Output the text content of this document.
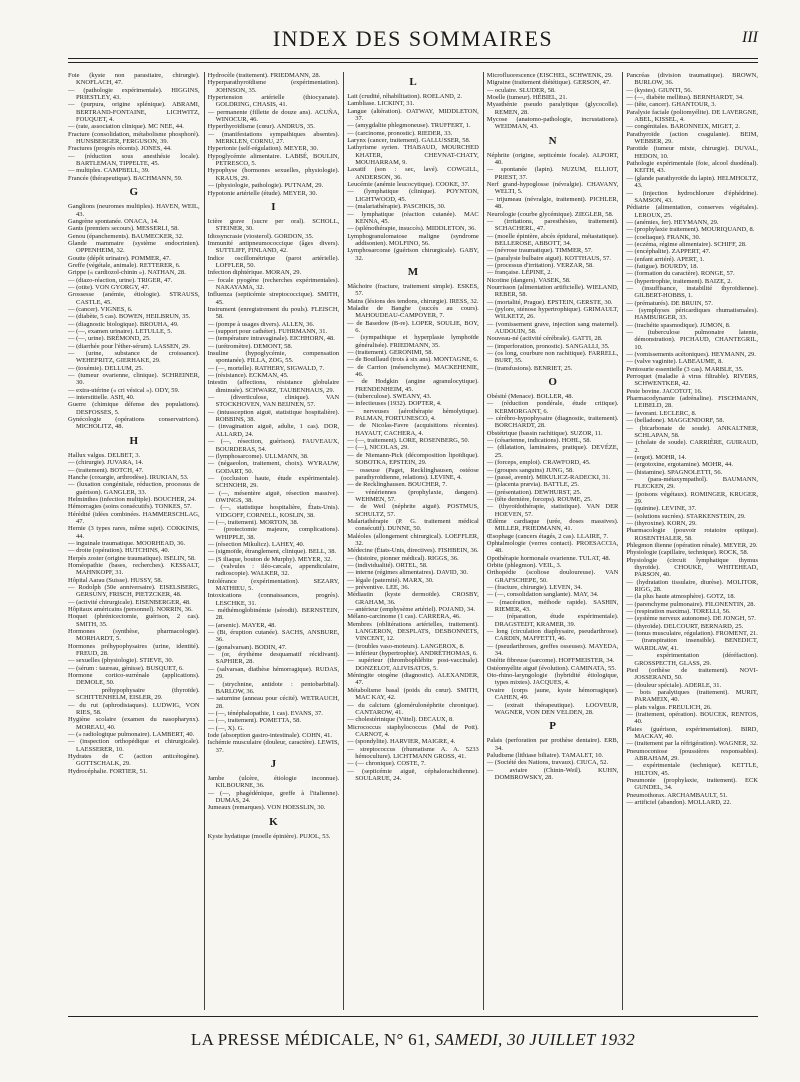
INDEX DES SOMMAIRES	III
Foie (kyste non parasitaire, chirurgie). KNOFLACH, 47.
— (pathologie expérimentale). HIGGINS, PRIESTLEY, 43.
— (purpura, origine splénique). ABRAMI, BERTRAND-FONTAINE, LICHWITZ, FOUQUET, 4.
— (rate, association clinique). MC NEE, 44.
Fracture (consolidation, métabolisme phosphoré). HUNSBERGER, FERGUSON, 39.
Fractures (progrès récents). JONES, 44.
— (réduction sous anesthésie locale). BARTLEMAN, TIPPELTE, 45.
— multiples. CAMPBELL, 39.
Francée (thérapeutique). BACHMANN, 59.
G
Ganglions (neuromes multiples). HAVEN, WEIL, 43.
Gangrène spontanée. ONACA, 14.
Gants (premiers secours). MESSERLI, 58.
Genou (épanchements). BAUMECKER, 32.
Glande mammaire (système endocrinien). OPPENHEIM, 32.
Goutte (dépôt urinaire). POMMER, 47.
Greffe (végétale, animale). RETTERER, 6.
Grippe (« cardiozol-chinin »). NATHAN, 28.
— (diazo-réaction, urine). TRIGER, 47.
— (otite). VON GYORGY, 47.
Grossesse (anémie, étiologie). STRAUSS, CASTLE, 45.
— (cancer). VIGNES, 6.
— (diabète, 5 cas). BOWEN, HEILBRUN, 35.
— (diagnostic biologique). BROUHA, 49.
— (—, examen urinaire). LETULLE, 5.
— (—, urine). BRÉMOND, 25.
— (diarrhée pour l'éther-sérum). LASSEN, 29.
— (urine, substance de croissance). WEHEFRITZ, GIERHAKE, 29.
— (toxémie). DELLUM, 25.
— (tumeur ovarienne, clinique). SCHREINER, 30.
— extra-utérine (« cri vésical »). ODY, 59.
— interstitielle. ASH, 40.
Guerre (chimique défense des populations). DESFOSSES, 5.
Gynécologie (opérations conservatrices). MICHOLITZ, 48.
H
Hallux valgus. DELBET, 3.
— (chirurgie). JUVARA, 14.
— (traitement). BOTCH, 47.
Hanche (coxargie, arthrodèse). IRUKIAN, 53.
— (luxation congénitale, réduction, processus de guérison). GANGLER, 33.
Helminthes (infection multiple). BOUCHER, 24.
Hémorragies (soins consécutifs). TONKES, 57.
Hérédité (idées combinées. HAMMERSCHLAG, 47.
Hernie (3 types rares, même sujet). COKKINIS, 44.
— inguinale traumatique. MOORHEAD, 36.
— droite (opération). HUTCHINS, 40.
Herpès zoster (origine traumatique). ISELIN, 58.
Homéopathie (bases, recherches). KESSALT, MAHNKOPF, 31.
Hôpital Aarau (Suisse). HUSSY, 58.
— Rodolph (50e anniversaire). EISELSBERG, GERSUNY, FRISCH, PIETZCKER, 48.
— (activité chirurgicale). EISENBERGER, 48.
Hôpitaux américains (personnel). NORRIN, 36.
Hoquet (phrénicectomie, guérison, 2 cas). SMITH, 35.
Hormones (synthèse, pharmacologie). MORHARDT, 5.
Hormones préhypophysaires (urine, identité). FREUD, 28.
— sexuelles (physiologie). STIEVE, 30.
— (sérum : taureau, génisse). BUSQUET, 6.
Hormone cortico-surrénale (applications). DEMOLE, 50.
— préhypophysaire (thyroïde). SCHITTENHELM, EISLER, 29.
— du rut (aphrodisiaques). LUDWIG, VON RIES, 58.
Hygiène scolaire (examen du nasopharynx). MOREAU, 40.
— (« radiologique pulmonaire). LAMBERT, 40.
— (inspection orthopédique et chirurgicale). LAESSERER, 10.
Hydrates de C (action anticétogène). GOTTSCHALK, 29.
Hydrocéphalie. FORTIER, 51.
Hydrocèle (traitement). FRIEDMANN, 28.
Hyperparathyroïdisme (expérimentation). JOHNSON, 35.
Hypertension artérielle (thiocyanate). GOLDRING, CHASIS, 41.
— permanente (fillette de douze ans). ACUÑA, WINOCUR, 46.
Hyperthyroïdisme (cœur). ANDRUS, 35.
— (manifestations sympathiques absentes). MERKLEN, CORNU, 27.
Hypertonie (self-régulation). MEYER, 30.
Hypoglycémie alimentaire. LABBÉ, BOULIN, PETRESCO, 5.
Hypophyse (hormones sexuelles, physiologie). KRAUS, 29.
— (physiologie, pathologie). PUTNAM, 29.
Hypotonie artérielle (étude). MEYER, 30.
I
Ictère grave (sucre per oral). SCHOLL, STEINER, 30.
Idiosyncrasie (viosterol). GORDON, 35.
Immunité antipneumococcique (âges divers). SUTTLIFF, FINLAND, 42.
Indice oscillométrique (paroi artérielle). LOFFLER, 50.
Infection diphtérique. MORAN, 29.
— focale pyogène (recherches expérimentales). NAKAYAMA, 32.
Influenza (septicémie streptococcique). SMITH, 45.
Instrument (enregistrement du pouls). FLEISCH, 58.
— (pompe à usages divers). ALLEN, 36.
— (support pour cathéter). FUHRMANN, 31.
— (température intravaginale). EICHHORN, 48.
— (urétromètre). DEMONT, 58.
Insuline (hypoglycémie, compensation spontanée). FILLA, ZOG, 55.
— (—, mortelle). RATHERY, SIGWALD, 7.
— (résistance). ECKMAN, 45.
Intestin (affections, résistance globulaire diminuée). SCHWARZ, TAUBENHAUS, 29.
— (diverticulose, clinique). VAN STOCKHOVEN, VAN BEIJNEN, 57.
— (intussception aiguë, statistique hospitalière). ROBBINS, 38.
— (invagination aiguë, adulte, 1 cas). DOR, ALLARD, 24.
— (—, résection, guérison). FAUVEAUX, BOURDERAS, 54.
— (lymphosarcome). ULLMANN, 38.
— (négaeolon, traitement, choix). WYRAUW, GODART, 50.
— (occlusion haute, étude expérimentale). SCHNOHR, 29.
— (—, mésentère aiguë, résection massive). OWINGS, 38.
— (—, statistique hospitalière, États-Unis). VIDGOFF, CORNELL, KOSLIN, 38.
— (—, traitement). MORTON, 38.
— (protectomie majeure, complications). WHIPPLE, 38.
— (résection Mikulicz). LAHEY, 40.
— (sigmoïde, étranglement, clinique). BELL, 38.
— (S iliaque, bouton de Murphy). MEYER, 32.
— (valvules : iléo-cæcale, appendiculaire, radioscopie). WALKER, 32.
Intolérance (expérimentation). SEZARY, MATHIEU, 5.
Intoxications (connaissances, progrès). LESCHKE, 31.
— méthémoglobinémie (sérodii). BERNSTEIN, 28.
— (arsenic). MAYER, 48.
— (Bi, éruption cutanée). SACHS, ANSBURE, 36.
— (gonalvarsan). BODIN, 47.
— (or, érythème desquamatif récidivant). SAPHIER, 28.
— (salvarsan, diathèse hémorragique). RUDAS, 29.
— (strychnine, antidote : pentobarbital). BARLOW, 36.
— saturnine (anneau pour cécité). WETRAUCH, 28.
— (—, ténéphalopathie, 1 cas). EVANS, 37.
— (—, traitement). POMETTA, 58.
— (—, X). G.
Iode (absorption gastro-intestinale). COHN, 41.
Ischémie musculaire (douleur, caractère). LEWIS, 37.
J
Jambe (ulcère, étiologie inconnue). KILBOURNE, 36.
— (—, phagédénique, greffe à l'italienne). DUMAS, 24.
Jumeaux (remarques). VON HOESSLIN, 30.
K
Kyste hydatique (moelle épinière). PUJOL, 53.
L
Lait (crudité, réhabilitation). ROELAND, 2.
Lambliase. LICKINT, 31.
Langue (altération). OATWAY, MIDDLETON, 37.
— (amygdalite phlegmoneuse). TRUFFERT, 1.
— (carcinome, pronostic). RIEDER, 33.
Larynx (cancer, traitement). GALLUSSER, 58.
Lathyrisme syrien. THABAUD, MOURCHED KHATER, CHEVNAT-CHATY, MOUHARRAM, 9.
Laxatif (son : sec, lavé). COWGILL, ANDERSON, 36.
Leucémie (anémie leucocytique). COOKE, 37.
— (lymphatique (clinique). POYNTON, LIGHTWOOD, 45.
— (malariathérapie). PASCHKIS, 30.
— lymphatique (réaction cutanée). MAC KENNA, 45.
— (splénothérapie, insuccès). MIDDLETON, 36.
Lymphogranulomatose maligne (syndrome addisonien). MOLFINO, 56.
Lymphosarcome (guérison chirurgicale). GABY, 32.
M
Mâchoire (fracture, traitement simple). ESKES, 57.
Mains (lésions des tendons, chirurgie). IRESS, 32.
Maladie de Banghe (succès au cours). MAHOUDEAU-CAMPOYER, 7.
— de Basedow (B-re). LOPER, SOULIE, BOY, 6.
— (sympathique et hyperplasie lymphoïde généralisée). FRIEDMANN, 35.
— (traitement). GERONIMI, 58.
— de Bouillaud (trois à six ans). MONTAGNE, 6.
— de Carrion (mésenchyme). MACKEHENIE, 46.
— de Hodgkin (angine agranulocytique). FRENDENHEIM, 45.
— (tuberculose). SWEANY, 43.
— infectieuses (1932). DOPTER, 4.
— nerveuses (aérothérapie hémolytique). PALMAN, FORTUNESCO, 4.
— de Nicolas-Favre (acquisitions récentes). HAYAUT, CACHERA, 4.
— (—, traitement). LORE, ROSENBERG, 50.
— (—), NICOLAS, 29.
— de Niemann-Pick (décomposition lipoïdique). SOBOTKA, EPSTEIN, 29.
— osseuse (Paget, Recklinghausen, ostéose parathyroïdienne, relations). LEVINE, 4.
— de Recklinghausen. BOUCHER, 7.
— vénériennes (prophylaxie, dangers). WEHMEN, 57.
— de Weil (néphrite aiguë). POSTMUS, SCHULTZ, 57.
Malariathérapie (P. G. traitement médical consécutif). DUNNE, 50.
Maléoles (allongement chirurgical). LOEFFLER, 32.
Médecine (États-Unis, directives). FISHBEIN, 36.
— (histoire, pionner médical). RIGGS, 36.
— (individualité). ORTEL, 58.
— interne (régimes alimentaires). DAVID, 30.
— légale (paternité). MARX, 30.
— préventive. LEE, 36.
Médiastin (kyste dermoïde). CROSBY, GRAHAM, 36.
— antérieur (emphysème artériel). POJAND, 34.
Mélano-carcinome (1 cas). CARRERA, 46.
Membres (oblitérations artérielles, traitement). LANGERON, DESPLATS, DESBONNETS, VINCENT, 12.
— (troubles vaso-moteurs). LANGEROX, 8.
— inférieur (hypertrophie). ANDRÉTHOMAS, 6.
— supérieur (thrombophlébite post-vaccinale). DONZELOT, ALIVISATOS, 5.
Méningite otogène (diagnostic). ALEXANDER, 47.
Métabolisme basal (poids du cœur). SMITH, MAC KAY, 42.
— du calcium (glomérulonéphrite chronique). CANTAROW, 41.
— cholestérinique (Vittel). DECAUX, 8.
Micrococcus staphylococcus (Mal de Pott). CARNOT, 4.
— (spondylite). HARVIER, MAIGRE, 4.
— streptococcus (rhumatisme A. A. 5233 hémoculture). LICHTMANN GROSS, 41.
— (— chronique). COSTE, 7.
— (septicémie aiguë, céphalorachidienne). SOULARUE, 24.
Microfluorescence (EISCHEL, SCHWENK, 29.
Migraine (traitement diététique). GERSON, 47.
— oculaire. SLUDER, 58.
Moelle (tumeur). HÉBIEL, 21.
Myasthénie pseudo paralytique (glycocolle). REMEN, 28.
Mycose (anatomo-pathologie, incrustations). WEIDMAN, 43.
N
Néphrite (origine, septicémie focale). ALPORT, 40.
— spontanée (lapin). NUZUM, ELLIOT, PRIEST, 37.
Nerf grand-hypoglosse (névralgie). CHAVANY, WELTI, 5.
— trijumeau (névralgie, traitement). PICHLER, 48.
Neurologie (courbe glycémique). ZIEGLER, 58.
— (irritations, paresthésies, traitement). SCHACHERL, 47.
— (moelle épinière, abcès épidural, métastatique). BELLEROSE, ABBOTT, 34.
— (névrose traumatique). TIMMER, 57.
— (paralysie bulbaire aiguë). KOTTHAUS, 57.
— (processus d'irritation). VERZAR, 58.
— française. LÉPINE, 2.
Nicotine (dangers). VASEK, 58.
Nourrisson (alimentation artificielle). WIELAND, REBER, 58.
— (mortalité, Prague). EPSTEIN, GERSTE, 30.
— (pylore, sténose hypertrophique). GRIMAULT, WILKETZ, 26.
— (vomissement grave, injection sang maternel). AUDOUIN, 58.
Nouveau-né (activité cérébrale). GATTI, 28.
— (imperforation, pronostic). SANGALLI, 35.
— (os long, courbure non rachitique). FARRELL, BURT, 35.
— (transfusions). BENRIET, 25.
O
Obésité (Menace). BOLLER, 48.
— (réduction pondérale, étude critique). KERMORGANT, 6.
— cérébro-hypophysaire (diagnostic, traitement). BORCHARDT, 28.
Obstétrique (bassin rachitique). SUZOR, 11.
— (césarienne, indications). HOHL, 58.
— (dilatation, laminaires, pratique). DEVÉZE, 25.
— (forceps, emploi). CRAWFORD, 45.
— (groupes sanguins) JUNG, 58.
— (passé, avenir). MIKULICZ-RADECKI, 31.
— (placenta prævia). BATTLE, 25.
— (présentation). DEWHURST, 25.
— (tête dernière, forceps). ROUME, 25.
— (thyroïdothérapie, statistique). VAN DER HOEVEN, 57.
Œdème cardiaque (urée, doses massives). MILLER, FRIEDMANN, 41.
Œsophage (cancers étagés, 2 cas). LLAIRE, 7.
Ophtalmologie (verres contact). PROESACCIA, 48.
Opothérapie hormonale ovarienne. TULAT, 48.
Orbite (phlegmon). VEIL, 3.
Orthopédie (scoliose douloureuse). VAN GRAFSCHEPE, 50.
— (fracture, chirurgie). LEVEN, 34.
— (—, consolidation sanglante). MAY, 34.
— (macération, méthode rapide). SASHIN, RIEMER, 43.
— (réparation, étude expérimentale). DRAGSTEDT, KRAMER, 39.
— long (circulation diaphysaire, pseudarthrose). CARDIN, MAFFETTI, 46.
— (pseudarthroses, greffes osseuses). MAYEDA, 34.
Ostéite fibreuse (sarcome). HOFFMEISTER, 34.
Ostéomyélite aiguë (évolution). CAMINATA, 55.
Oto-rhino-laryngologie (hybridité étiologique, types mixtes). JACQUES, 4.
Ovaire (corps jaune, kyste hémorragique). CAHEN, 49.
— (extrait thérapeutique). LOOVEUR, WAGNER, VON DEN VELDEN, 28.
P
Palais (perforation par prothèse dentaire). ERB, 34.
Paludisme (lithiase biliaire). TAMALET, 10.
— (Société des Nations, travaux). CIUCA, 52.
— aviaire (Chinin-Weil). KUHN, DOMBROWSKY, 28.
Pancréas (division traumatique). BROWN, BURLOW, 36.
— (kystes). GIUNTI, 56.
— (—, diabète mellitus). BERNHARDT, 34.
— (tête, cancer). GHANTOUR, 3.
Paralysie faciale (poliomyélite). DE LAVERGNE, ABEL, KISSEL, 4.
— congénitales. BARONNEIX, MIGET, 2.
Parathyroïde (action coagulante). BEIM, WEBBER, 29.
Parotide (tumeur mixte, chirurgie). DUVAL, HEDON, 10.
Pathologie expérimentale (foie, alcool duodénal). KEITH, 43.
— (glande parathyroïde du lapin). HELMHOLTZ, 43.
— (injection hydrochlorure d'éphédrine). SAMSON, 43.
Pédiatrie (alimentation, conserves végétales). LEROUX, 25.
— (anémies, fer). HEYMANN, 29.
— (prophylaxie traitement). MOURIQUAND, 8.
— (coeliaque). FRANK, 30.
— (eczéma, régime alimentaire). SCHIFF, 28.
— (encéphalite). ZAPPERT, 47.
— (enfant arriéré). APERT, 1.
— (fatigue). BOURDY, 18.
— (formation du caractère). RONGE, 57.
— (hypertrophie, traitement). BAIZE, 2.
— (insuffisance, instabilité thyroïdienne). GILBERT-HOBBS, 1.
— (prématurés). DE BRUIN, 57.
— (symphyses péricardiques rhumatismales). HAMBURGER, 33.
— (trachéite spasmodique). JUMON, 8.
— (tuberculose pulmonaire latente, démonstration). PICHAUD, CHANTEGRIL, 10.
— (vomissements acétoniques). HEYMANN, 29.
— (valve vaginite). LABEAUME, 8.
Pentosurie essentielle (3 cas). MARBLE, 35.
Perroquet (maladie à virus filtrable). RIVERS, SCHWENTKER, 42.
Peste bovine. JACOTOT, 16.
Pharmacodynamie (adrénaline). FISCHMANN, LEIBELD, 28.
— favorant. LECLERC, 8.
— (belladone). MAGGENDORF, 58.
— (bicarbonate de soude). ANKALTNER, SCHLAPAN, 58.
— (cholate de soude). CARRIÈRE, GUIRAUD, 2.
— (ergot). MOHR, 14.
— (ergotoxine, ergotamine). MOHR, 44.
— (histamine). SPAGNOLETTI, 56.
— (para-métaxympathol). BAUMANN, FLECKEN, 29.
— (poisons végétaux). ROMINGER, KRUGER, 29.
— (quinine). LEVINE, 37.
— (solutions sucrées). STARKENSTEIN, 29.
— (thyroxine). KORN, 29.
Pharmacologie (pouvoir rotatoire optique). ROSENTHALER, 58.
Phlegmon ilienne (opération rénale). MEYER, 29.
Physiologie (capillaire, technique). ROCK, 58.
Physiologie (circuit lymphatique thymus thyroïde). CHOUKE, WHITEHEAD, PARSON, 40.
— (hydratation tissulaire, diurèse). MOLITOR, RIGG, 28.
— (la plus haute atmosphère). GOTZ, 18.
— (parenchyme pulmonaire). FILONENTIN, 28.
— (respiration maxima). TORELLI, 56.
— (système nerveux autonome). DE JONGH, 57.
— (thyroïde). DELCOURT, BERNARD, 25.
— (tonus musculaire, régulation). FROMENT, 21.
— (transpiration insensible). BENEDICT, WARDLAW, 41.
— expérimentation (déréfaction). GROSSPECTH, GLASS, 29.
Pied (orthèse de traitement). NOVI-JOSSERAND, 50.
— (douleur spéciale). ADERLE, 31.
— bots paralytiques (traitement). MURIT, PARAMEIX, 40.
— plats valgus. FREULICH, 26.
— (traitement, opération). BOUCEK, RENTOS, 40.
Plaies (guérison, expérimentation). BIRD, MACKAY, 40.
— (traitement par la réfrigération). WAGNER, 32.
Pneumoconiose (poussières responsables). ABRAHAM, 29.
— expérimentale (technique). KETTLE, HILTON, 45.
Pneumonie (prophylaxie, traitement). ECK GUNDEL, 34.
Pneumothorax. ARCHAMBAULT, 51.
— artificiel (abandon). MOLLARD, 22.
LA PRESSE MÉDICALE, N° 61, SAMEDI, 30 JUILLET 1932
